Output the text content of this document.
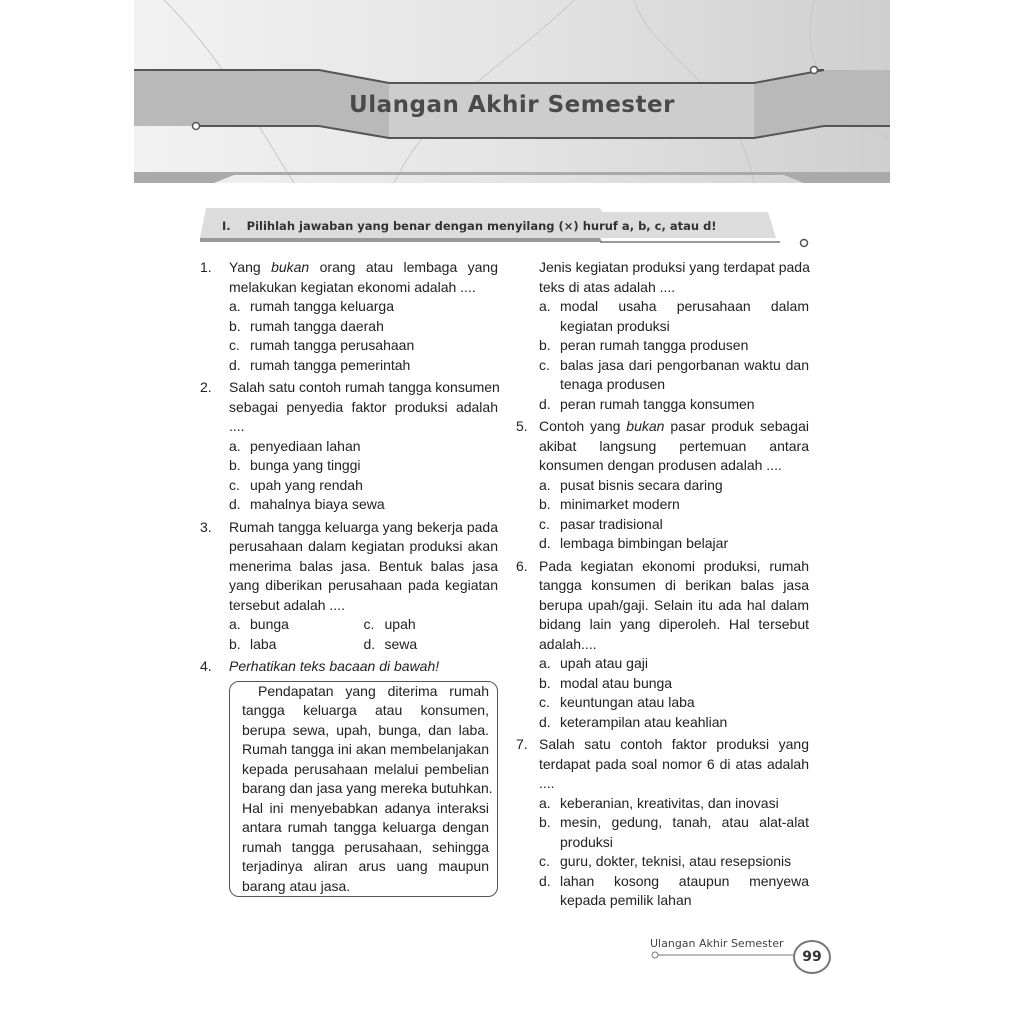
Ulangan Akhir Semester
I. Pilihlah jawaban yang benar dengan menyilang (×) huruf a, b, c, atau d!
1. Yang bukan orang atau lembaga yang
melakukan kegiatan ekonomi adalah ....
a. rumah tangga keluarga
b. rumah tangga daerah
c. rumah tangga perusahaan
d. rumah tangga pemerintah
2. Salah satu contoh rumah tangga konsumen
sebagai penyedia faktor produksi adalah
....
a. penyediaan lahan
b. bunga yang tinggi
c. upah yang rendah
d. mahalnya biaya sewa
3. Rumah tangga keluarga yang bekerja pada
perusahaan dalam kegiatan produksi akan
menerima balas jasa. Bentuk balas jasa
yang diberikan perusahaan pada kegiatan
tersebut adalah ....
a. bunga	c. upah
b. laba	d. sewa
4. Perhatikan teks bacaan di bawah!
Pendapatan yang diterima rumah
tangga keluarga atau konsumen,
berupa sewa, upah, bunga, dan laba.
Rumah tangga ini akan membelanjakan
kepada perusahaan melalui pembelian
barang dan jasa yang mereka butuhkan.
Hal ini menyebabkan adanya interaksi
antara rumah tangga keluarga dengan
rumah tangga perusahaan, sehingga
terjadinya aliran arus uang maupun
barang atau jasa.
Jenis kegiatan produksi yang terdapat pada
teks di atas adalah ....
a. modal usaha perusahaan dalam
kegiatan produksi
b. peran rumah tangga produsen
c. balas jasa dari pengorbanan waktu dan
tenaga produsen
d. peran rumah tangga konsumen
5. Contoh yang bukan pasar produk sebagai
akibat langsung pertemuan antara
konsumen dengan produsen adalah ....
a. pusat bisnis secara daring
b. minimarket modern
c. pasar tradisional
d. lembaga bimbingan belajar
6. Pada kegiatan ekonomi produksi, rumah
tangga konsumen di berikan balas jasa
berupa upah/gaji. Selain itu ada hal dalam
bidang lain yang diperoleh. Hal tersebut
adalah....
a. upah atau gaji
b. modal atau bunga
c. keuntungan atau laba
d. keterampilan atau keahlian
7. Salah satu contoh faktor produksi yang
terdapat pada soal nomor 6 di atas adalah
....
a. keberanian, kreativitas, dan inovasi
b. mesin, gedung, tanah, atau alat-alat
produksi
c. guru, dokter, teknisi, atau resepsionis
d. lahan kosong ataupun menyewa
kepada pemilik lahan
Ulangan Akhir Semester
99
